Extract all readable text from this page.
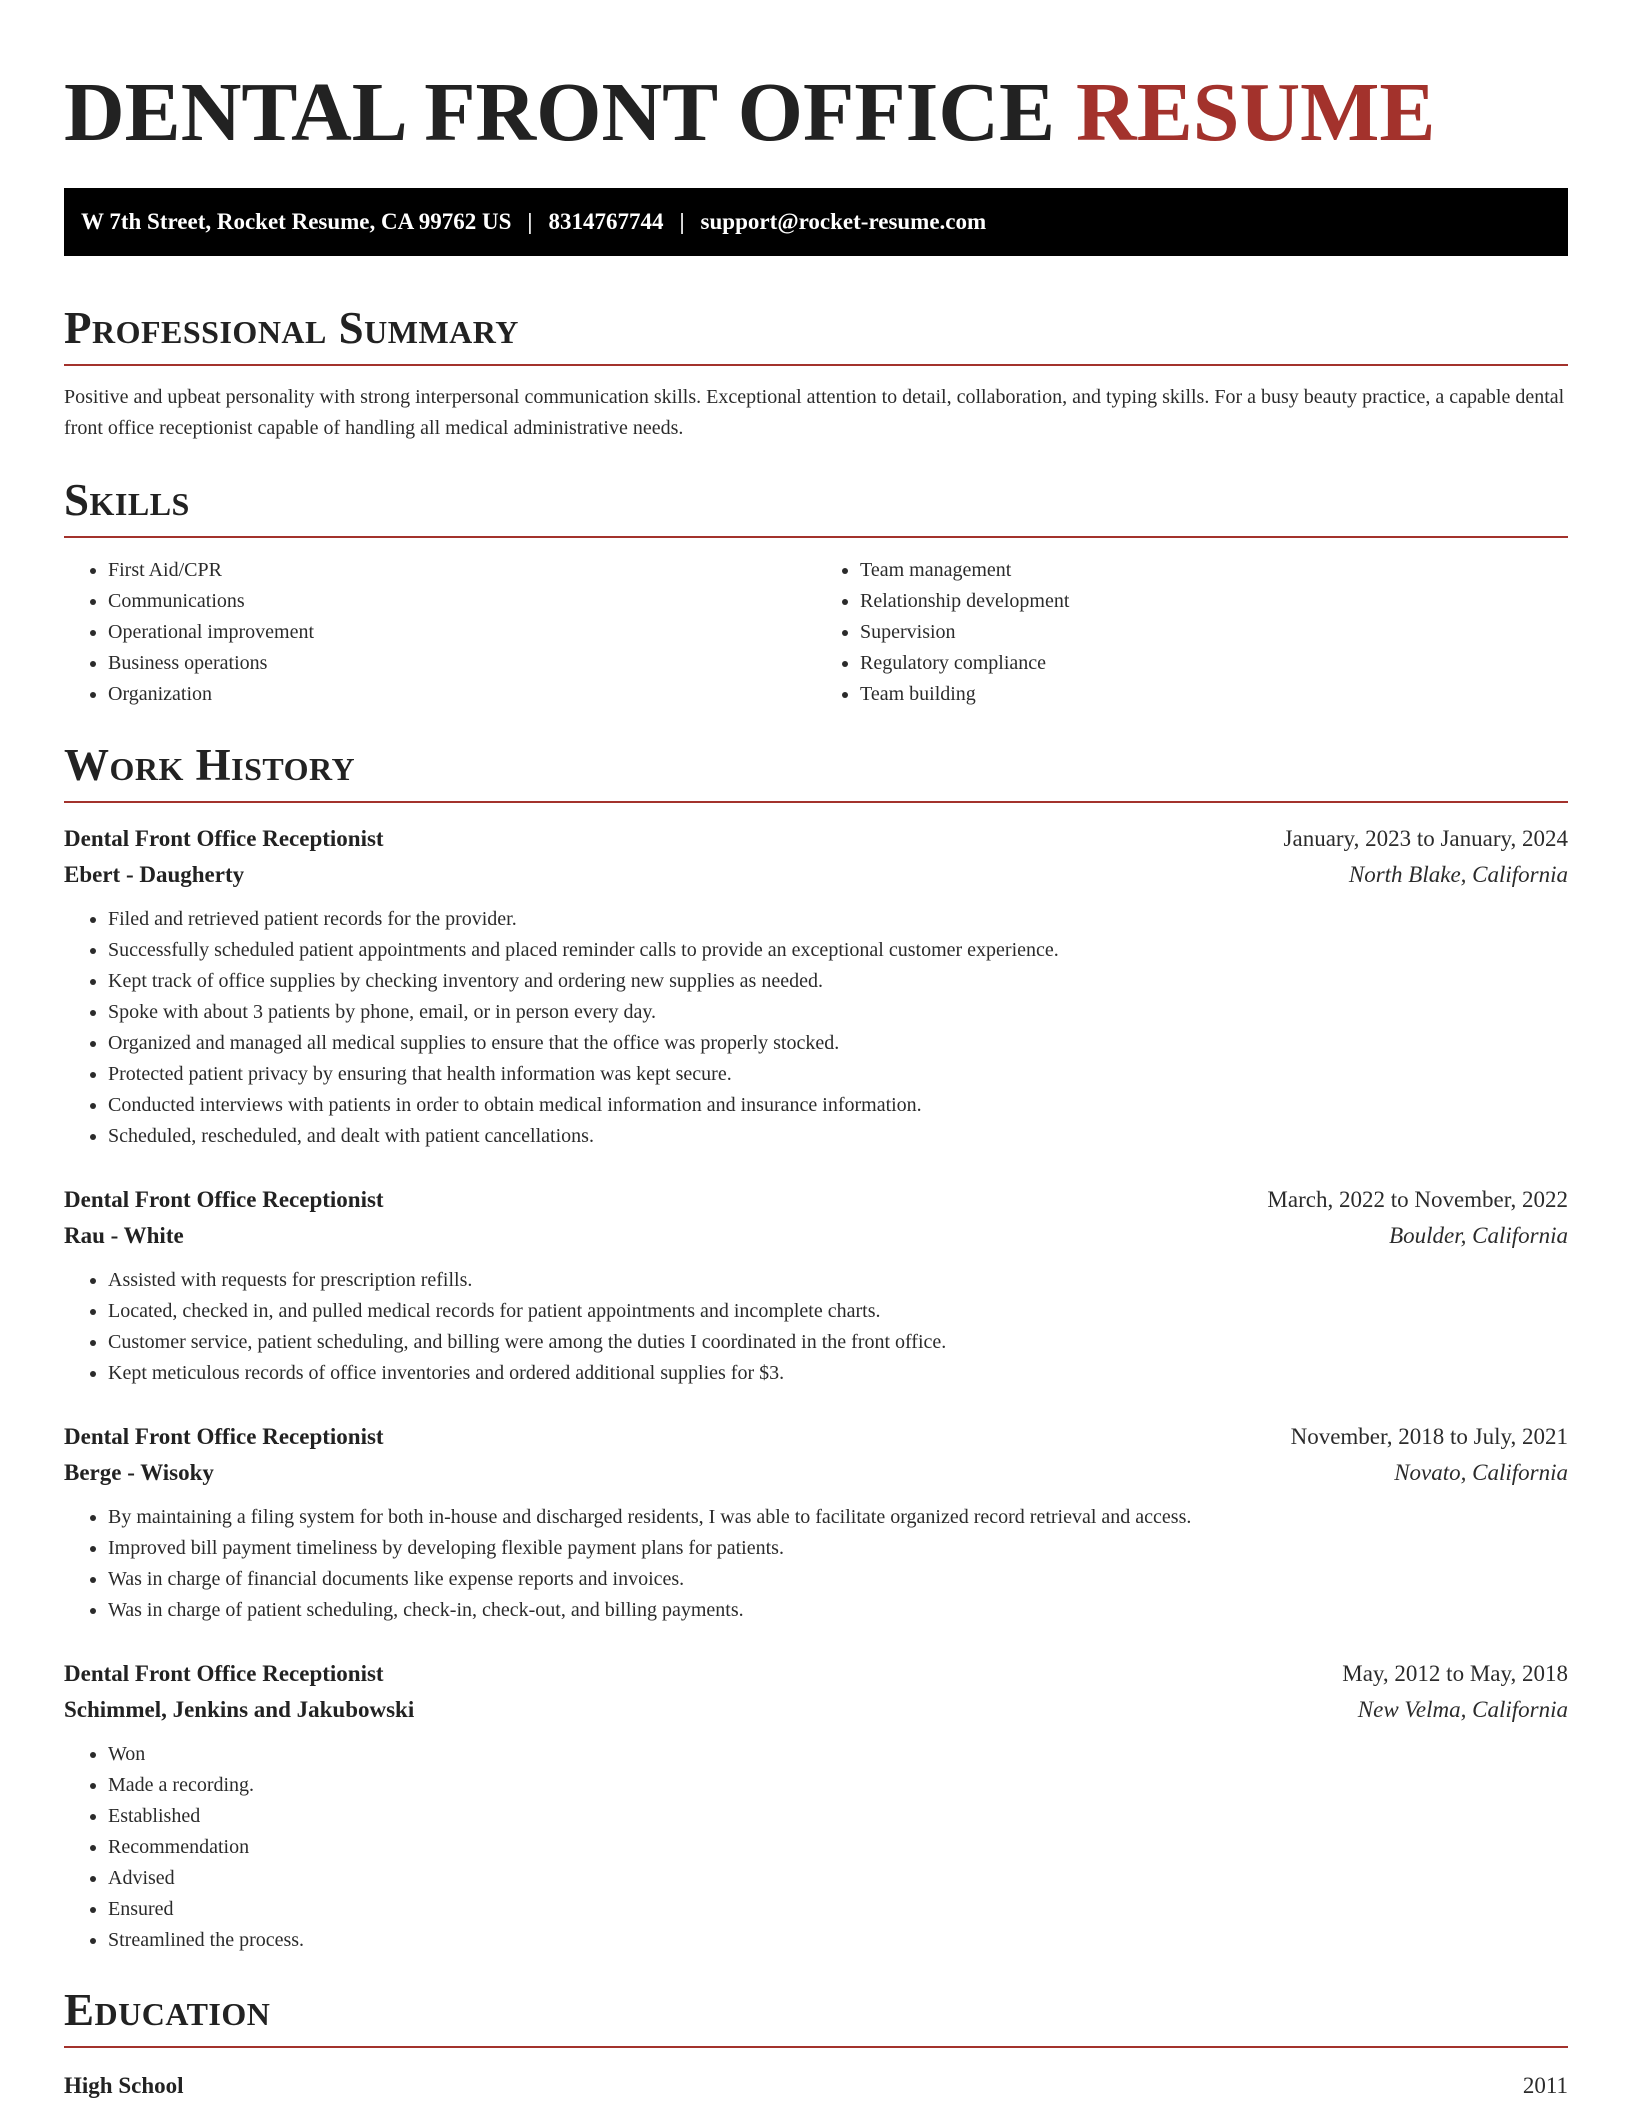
DENTAL FRONT OFFICE RESUME
W 7th Street, Rocket Resume, CA 99762 US | 8314767744 | support@rocket-resume.com
Professional Summary
Positive and upbeat personality with strong interpersonal communication skills. Exceptional attention to detail, collaboration, and typing skills. For a busy beauty practice, a capable dental front office receptionist capable of handling all medical administrative needs.
Skills
• First Aid/CPR
• Communications
• Operational improvement
• Business operations
• Organization
• Team management
• Relationship development
• Supervision
• Regulatory compliance
• Team building
Work History
Dental Front Office Receptionist	January, 2023 to January, 2024
Ebert - Daugherty	North Blake, California
• Filed and retrieved patient records for the provider.
• Successfully scheduled patient appointments and placed reminder calls to provide an exceptional customer experience.
• Kept track of office supplies by checking inventory and ordering new supplies as needed.
• Spoke with about 3 patients by phone, email, or in person every day.
• Organized and managed all medical supplies to ensure that the office was properly stocked.
• Protected patient privacy by ensuring that health information was kept secure.
• Conducted interviews with patients in order to obtain medical information and insurance information.
• Scheduled, rescheduled, and dealt with patient cancellations.
Dental Front Office Receptionist	March, 2022 to November, 2022
Rau - White	Boulder, California
• Assisted with requests for prescription refills.
• Located, checked in, and pulled medical records for patient appointments and incomplete charts.
• Customer service, patient scheduling, and billing were among the duties I coordinated in the front office.
• Kept meticulous records of office inventories and ordered additional supplies for $3.
Dental Front Office Receptionist	November, 2018 to July, 2021
Berge - Wisoky	Novato, California
• By maintaining a filing system for both in-house and discharged residents, I was able to facilitate organized record retrieval and access.
• Improved bill payment timeliness by developing flexible payment plans for patients.
• Was in charge of financial documents like expense reports and invoices.
• Was in charge of patient scheduling, check-in, check-out, and billing payments.
Dental Front Office Receptionist	May, 2012 to May, 2018
Schimmel, Jenkins and Jakubowski	New Velma, California
• Won
• Made a recording.
• Established
• Recommendation
• Advised
• Ensured
• Streamlined the process.
Education
High School	2011
